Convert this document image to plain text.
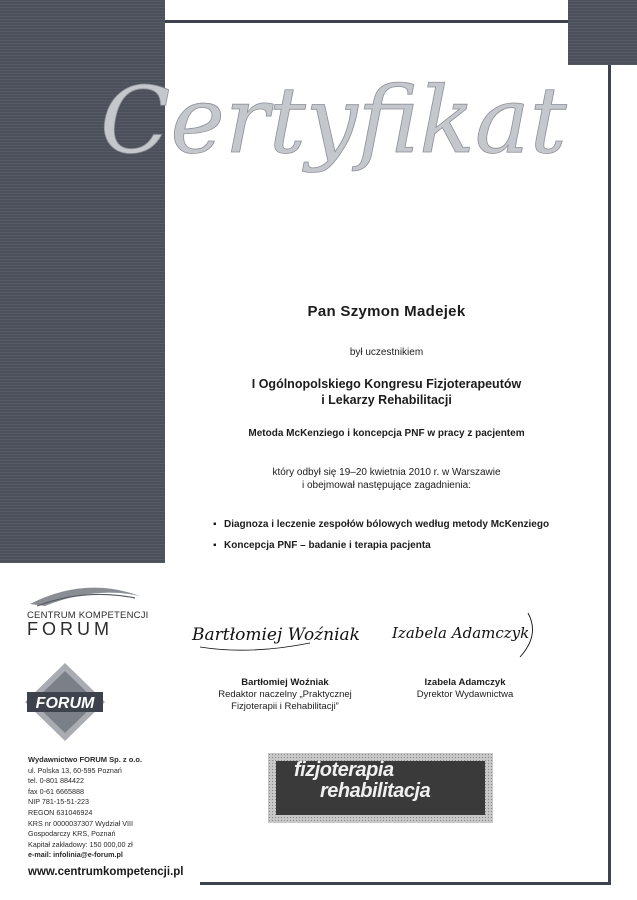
Certyfikat
Pan Szymon Madejek
był uczestnikiem
I Ogólnopolskiego Kongresu Fizjoterapeutów
i Lekarzy Rehabilitacji
Metoda McKenziego i koncepcja PNF w pracy z pacjentem
który odbył się 19–20 kwietnia 2010 r. w Warszawie
i obejmował następujące zagadnienia:
▪ Diagnoza i leczenie zespołów bólowych według metody McKenziego
▪ Koncepcja PNF – badanie i terapia pacjenta
Bartłomiej Woźniak Izabela Adamczyk
Bartłomiej Woźniak
Redaktor naczelny „Praktycznej
Fizjoterapii i Rehabilitacji”
Izabela Adamczyk
Dyrektor Wydawnictwa
CENTRUM KOMPETENCJI
FORUM
FORUM
Wydawnictwo FORUM Sp. z o.o.
ul. Polska 13, 60-595 Poznań
tel. 0-801 884422
fax 0-61 6665888
NIP 781-15-51-223
REGON 631046924
KRS nr 0000037307 Wydział VIII
Gospodarczy KRS, Poznań
Kapitał zakładowy: 150 000,00 zł
e-mail: infolinia@e-forum.pl
www.centrumkompetencji.pl
fizjoterapia
rehabilitacja
